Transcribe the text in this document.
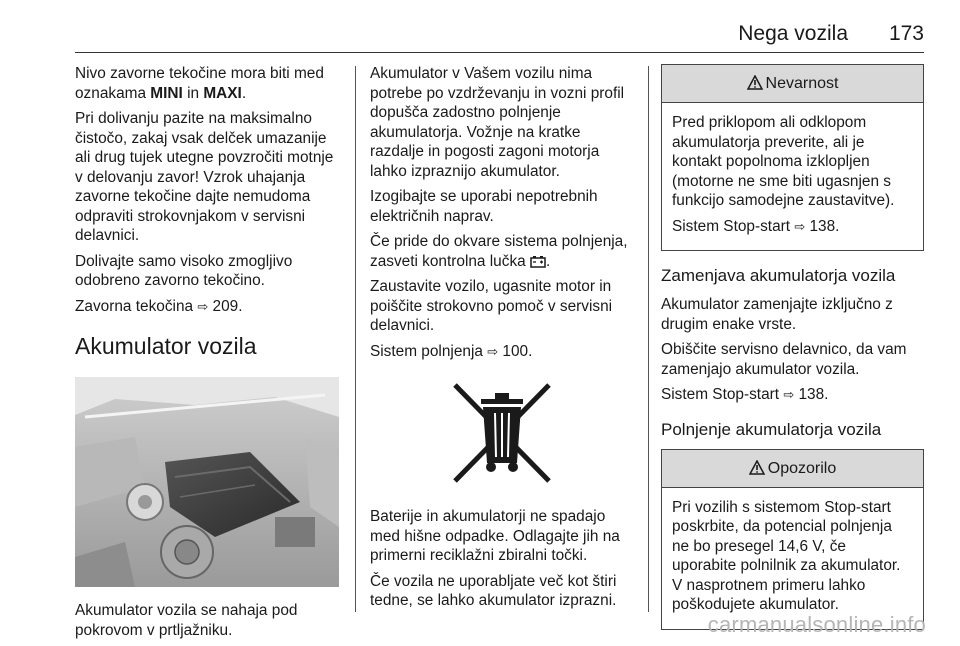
Nega vozila 173

Nivo zavorne tekočine mora biti med oznakama MINI in MAXI.

Pri dolivanju pazite na maksimalno čistočo, zakaj vsak delček umazanije ali drug tujek utegne povzročiti motnje v delovanju zavor! Vzrok uhajanja zavorne tekočine dajte nemudoma odpraviti strokovnjakom v servisni delavnici.

Dolivajte samo visoko zmogljivo odobreno zavorno tekočino.

Zavorna tekočina ⇨ 209.

Akumulator vozila

Akumulator vozila se nahaja pod pokrovom v prtljažniku.

Akumulator v Vašem vozilu nima potrebe po vzdrževanju in vozni profil dopušča zadostno polnjenje akumulatorja. Vožnje na kratke razdalje in pogosti zagoni motorja lahko izpraznijo akumulator.

Izogibajte se uporabi nepotrebnih električnih naprav.

Če pride do okvare sistema polnjenja, zasveti kontrolna lučka .

Zaustavite vozilo, ugasnite motor in poiščite strokovno pomoč v servisni delavnici.

Sistem polnjenja ⇨ 100.

Baterije in akumulatorji ne spadajo med hišne odpadke. Odlagajte jih na primerni reciklažni zbiralni točki.

Če vozila ne uporabljate več kot štiri tedne, se lahko akumulator izprazni.

Nevarnost

Pred priklopom ali odklopom akumulatorja preverite, ali je kontakt popolnoma izklopljen (motorne ne sme biti ugasnjen s funkcijo samodejne zaustavitve).

Sistem Stop-start ⇨ 138.

Zamenjava akumulatorja vozila

Akumulator zamenjajte izključno z drugim enake vrste.

Obiščite servisno delavnico, da vam zamenjajo akumulator vozila.

Sistem Stop-start ⇨ 138.

Polnjenje akumulatorja vozila
Opozorilo

Pri vozilih s sistemom Stop-start poskrbite, da potencial polnjenja ne bo presegel 14,6 V, če uporabite polnilnik za akumulator. V nasprotnem primeru lahko poškodujete akumulator.

carmanualsonline.info
